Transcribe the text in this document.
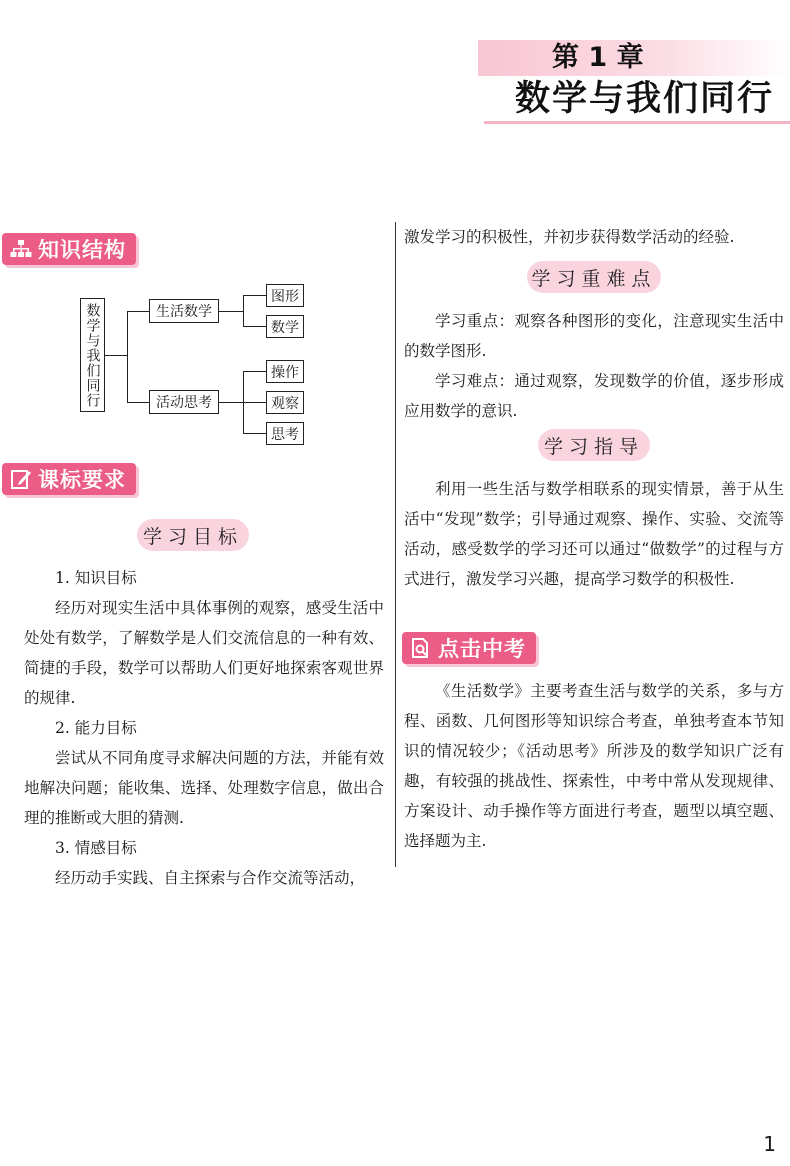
第 1 章
数学与我们同行
知识结构
数学与我们同行	生活数学
图形
数学
活动思考
操作
观察
思考
课标要求
学习目标

1. 知识目标

经历对现实生活中具体事例的观察，感受生活中处处有数学，了解数学是人们交流信息的一种有效、简捷的手段，数学可以帮助人们更好地探索客观世界的规律.

2. 能力目标

尝试从不同角度寻求解决问题的方法，并能有效地解决问题；能收集、选择、处理数字信息，做出合理的推断或大胆的猜测.

3. 情感目标

经历动手实践、自主探索与合作交流等活动，

激发学习的积极性，并初步获得数学活动的经验.

学习重难点

学习重点：观察各种图形的变化，注意现实生活中的数学图形.

学习难点：通过观察，发现数学的价值，逐步形成应用数学的意识.

学习指导

利用一些生活与数学相联系的现实情景，善于从生活中“发现”数学；引导通过观察、操作、实验、交流等活动，感受数学的学习还可以通过“做数学”的过程与方式进行，激发学习兴趣，提高学习数学的积极性.

点击中考

《生活数学》主要考查生活与数学的关系，多与方程、函数、几何图形等知识综合考查，单独考查本节知识的情况较少；《活动思考》所涉及的数学知识广泛有趣，有较强的挑战性、探索性，中考中常从发现规律、方案设计、动手操作等方面进行考查，题型以填空题、选择题为主.

1
